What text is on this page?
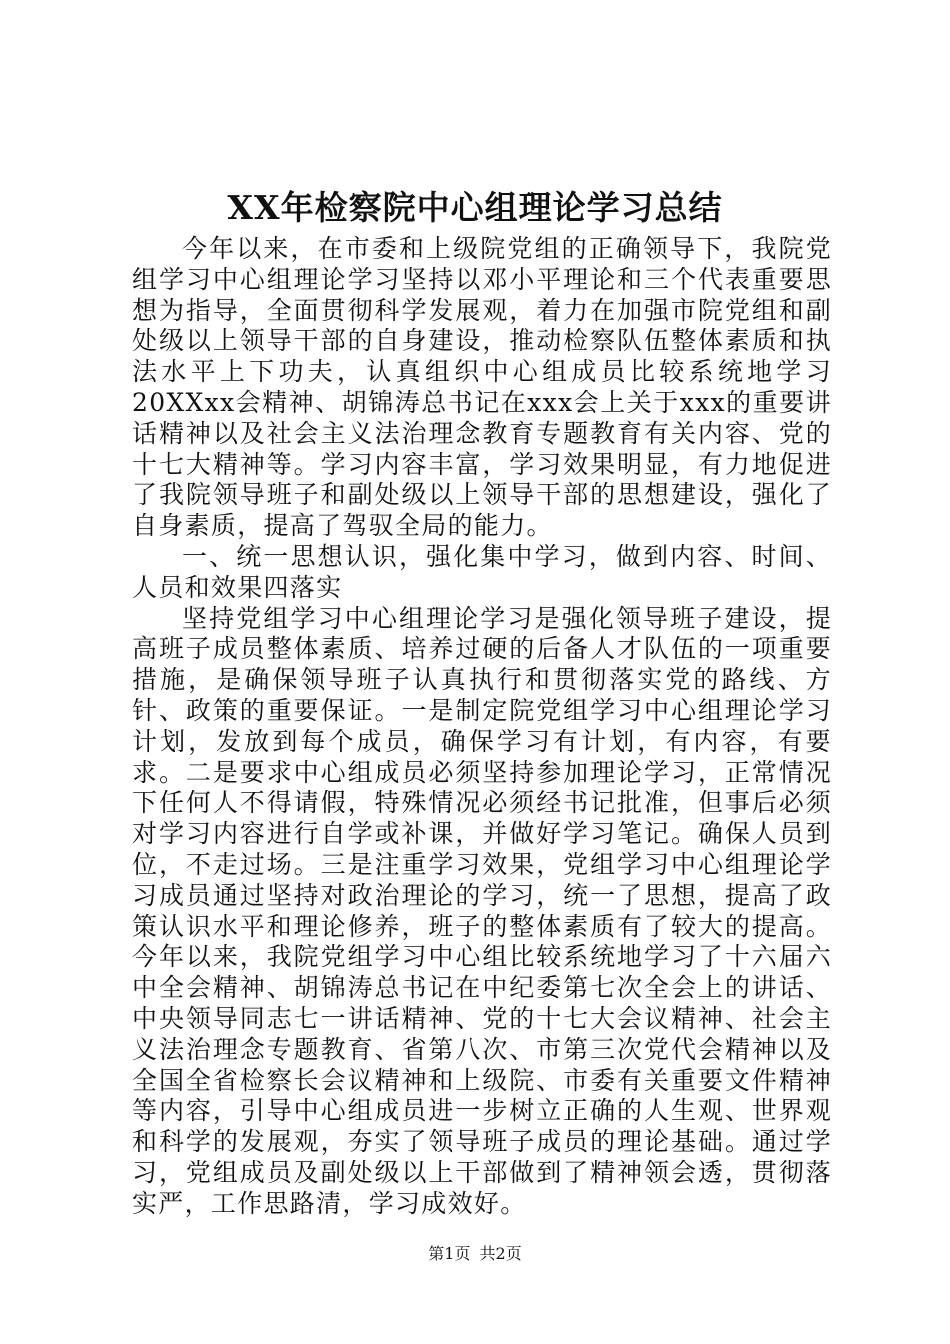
XX年检察院中心组理论学习总结

今年以来，在市委和上级院党组的正确领导下，我院党组学习中心组理论学习坚持以邓小平理论和三个代表重要思想为指导，全面贯彻科学发展观，着力在加强市院党组和副处级以上领导干部的自身建设，推动检察队伍整体素质和执法水平上下功夫，认真组织中心组成员比较系统地学习20XXxx会精神、胡锦涛总书记在xxx会上关于xxx的重要讲话精神以及社会主义法治理念教育专题教育有关内容、党的十七大精神等。学习内容丰富，学习效果明显，有力地促进了我院领导班子和副处级以上领导干部的思想建设，强化了自身素质，提高了驾驭全局的能力。

一、统一思想认识，强化集中学习，做到内容、时间、人员和效果四落实

坚持党组学习中心组理论学习是强化领导班子建设，提高班子成员整体素质、培养过硬的后备人才队伍的一项重要措施，是确保领导班子认真执行和贯彻落实党的路线、方针、政策的重要保证。一是制定院党组学习中心组理论学习计划，发放到每个成员，确保学习有计划，有内容，有要求。二是要求中心组成员必须坚持参加理论学习，正常情况下任何人不得请假，特殊情况必须经书记批准，但事后必须对学习内容进行自学或补课，并做好学习笔记。确保人员到位，不走过场。三是注重学习效果，党组学习中心组理论学习成员通过坚持对政治理论的学习，统一了思想，提高了政策认识水平和理论修养，班子的整体素质有了较大的提高。今年以来，我院党组学习中心组比较系统地学习了十六届六中全会精神、胡锦涛总书记在中纪委第七次全会上的讲话、中央领导同志七一讲话精神、党的十七大会议精神、社会主义法治理念专题教育、省第八次、市第三次党代会精神以及全国全省检察长会议精神和上级院、市委有关重要文件精神等内容，引导中心组成员进一步树立正确的人生观、世界观和科学的发展观，夯实了领导班子成员的理论基础。通过学习，党组成员及副处级以上干部做到了精神领会透，贯彻落实严，工作思路清，学习成效好。

第1页 共2页
